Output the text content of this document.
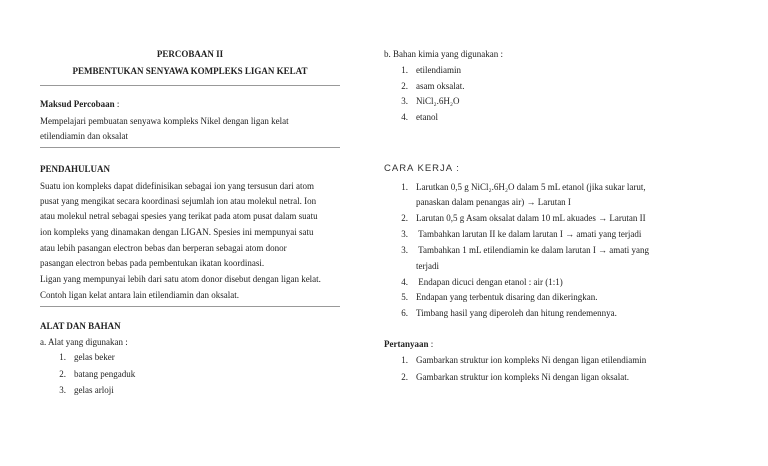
PERCOBAAN II
PEMBENTUKAN SENYAWA KOMPLEKS LIGAN KELAT
Maksud Percobaan :
Mempelajari pembuatan senyawa kompleks Nikel dengan ligan kelat
etilendiamin dan oksalat
PENDAHULUAN
Suatu ion kompleks dapat didefinisikan sebagai ion yang tersusun dari atom
pusat yang mengikat secara koordinasi sejumlah ion atau molekul netral. Ion
atau molekul netral sebagai spesies yang terikat pada atom pusat dalam suatu
ion kompleks yang dinamakan dengan LIGAN. Spesies ini mempunyai satu
atau lebih pasangan electron bebas dan berperan sebagai atom donor
pasangan electron bebas pada pembentukan ikatan koordinasi.
Ligan yang mempunyai lebih dari satu atom donor disebut dengan ligan kelat.
Contoh ligan kelat antara lain etilendiamin dan oksalat.
ALAT DAN BAHAN
a. Alat yang digunakan :
1. gelas beker
2. batang pengaduk
3. gelas arloji
b. Bahan kimia yang digunakan :
1. etilendiamin
2. asam oksalat.
3. NiCl₂.6H₂O
4. etanol
CARA KERJA :
1. Larutkan 0,5 g NiCl₂.6H₂O dalam 5 mL etanol (jika sukar larut,
panaskan dalam penangas air) → Larutan I
2. Larutan 0,5 g Asam oksalat dalam 10 mL akuades → Larutan II
3. Tambahkan larutan II ke dalam larutan I → amati yang terjadi
3. Tambahkan 1 mL etilendiamin ke dalam larutan I → amati yang
terjadi
4. Endapan dicuci dengan etanol : air (1:1)
5. Endapan yang terbentuk disaring dan dikeringkan.
6. Timbang hasil yang diperoleh dan hitung rendemennya.
Pertanyaan :
1. Gambarkan struktur ion kompleks Ni dengan ligan etilendiamin
2. Gambarkan struktur ion kompleks Ni dengan ligan oksalat.
